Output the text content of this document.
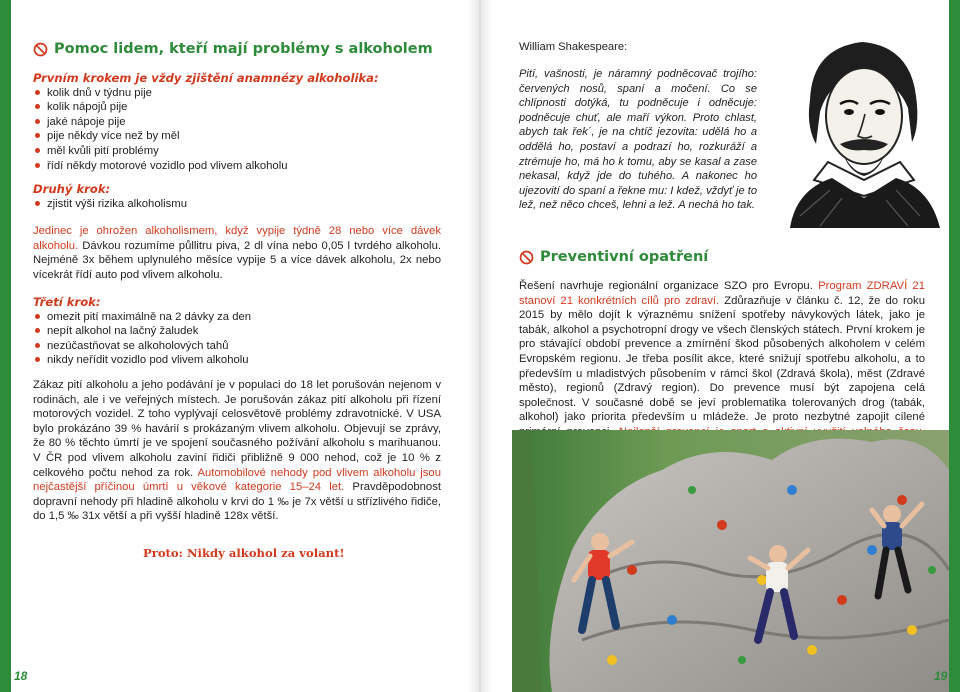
Pomoc lidem, kteří mají problémy s alkoholem
Prvním krokem je vždy zjištění anamnézy alkoholika:
kolik dnů v týdnu pije
kolik nápojů pije
jaké nápoje pije
pije někdy více než by měl
měl kvůli pití problémy
řídí někdy motorové vozidlo pod vlivem alkoholu
Druhý krok:
zjistit výši rizika alkoholismu
Jedinec je ohrožen alkoholismem, když vypije týdně 28 nebo více dávek alkoholu. Dávkou rozumíme půllitru piva, 2 dl vína nebo 0,05 l tvrdého alkoholu. Nejméně 3x během uplynulého měsíce vypije 5 a více dávek alkoholu, 2x nebo vícekrát řídí auto pod vlivem alkoholu.
Třetí krok:
omezit pití maximálně na 2 dávky za den
nepít alkohol na lačný žaludek
nezúčastňovat se alkoholových tahů
nikdy neřídit vozidlo pod vlivem alkoholu
Zákaz pití alkoholu a jeho podávání je v populaci do 18 let porušován nejenom v rodinách, ale i ve veřejných místech. Je porušován zákaz pití alkoholu při řízení motorových vozidel. Z toho vyplývají celosvětově problémy zdravotnické. V USA bylo prokázáno 39 % havárií s prokázaným vlivem alkoholu. Objevují se zprávy, že 80 % těchto úmrtí je ve spojení současného požívání alkoholu s marihuanou. V ČR pod vlivem alkoholu zaviní řidiči přibližně 9 000 nehod, což je 10 % z celkového počtu nehod za rok. Automobilové nehody pod vlivem alkoholu jsou nejčastější příčinou úmrtí u věkové kategorie 15–24 let. Pravděpodobnost dopravní nehody při hladině alkoholu v krvi do 1 ‰ je 7x větší u střízlivého řidiče, do 1,5 ‰ 31x větší a při vyšší hladině 128x větší.
Proto: Nikdy alkohol za volant!
18
William Shakespeare:
Pití, vašnosti, je náramný podněcovač trojího: červených nosů, spaní a močení. Co se chlípnosti dotýká, tu podněcuje i odněcuje: podněcuje chuť, ale maří výkon. Proto chlast, abych tak řek´, je na chtíč jezovita: udělá ho a oddělá ho, postaví a podrazí ho, rozkuráží a ztrémuje ho, má ho k tomu, aby se kasal a zase nekasal, když jde do tuhého. A nakonec ho ujezovití do spaní a řekne mu: I kdež, vždyť je to lež, než něco chceš, lehni a lež. A nechá ho tak.
Preventivní opatření
Řešení navrhuje regionální organizace SZO pro Evropu. Program ZDRAVÍ 21 stanoví 21 konkrétních cílů pro zdraví. Zdůrazňuje v článku č. 12, že do roku 2015 by mělo dojít k výraznému snížení spotřeby návykových látek, jako je tabák, alkohol a psychotropní drogy ve všech členských státech. První krokem je pro stávající období prevence a zmírnění škod působených alkoholem v celém Evropském regionu. Je třeba posílit akce, které snižují spotřebu alkoholu, a to především u mladistvých působením v rámci škol (Zdravá škola), měst (Zdravé město), regionů (Zdravý region). Do prevence musí být zapojena celá společnost. V současné době se jeví problematika tolerovaných drog (tabák, alkohol) jako priorita především u mládeže. Je proto nezbytné zapojit cílené
19
